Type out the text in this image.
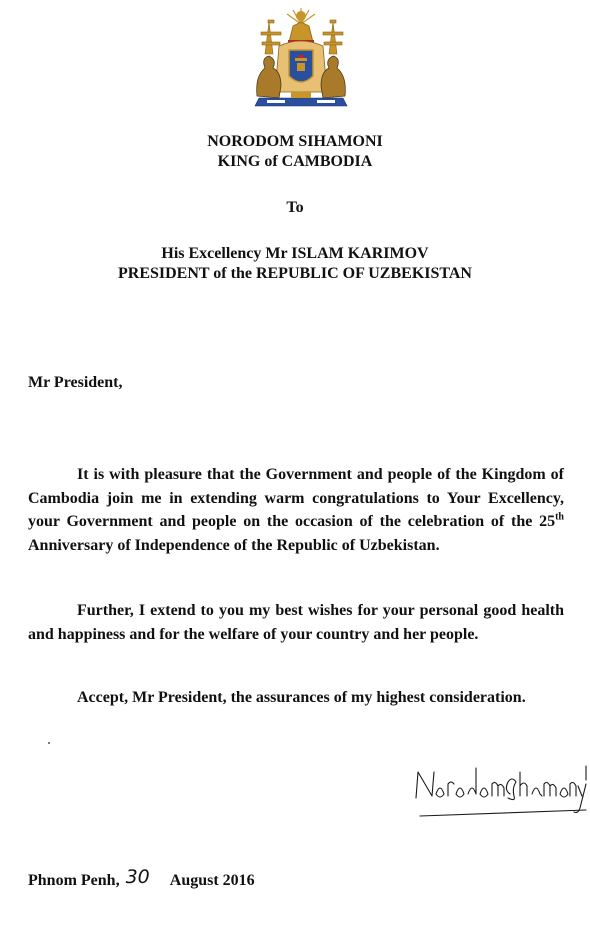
NORODOM SIHAMONI
KING of CAMBODIA
To
His Excellency Mr ISLAM KARIMOV
PRESIDENT of the REPUBLIC OF UZBEKISTAN
Mr President,

It is with pleasure that the Government and people of the Kingdom of Cambodia join me in extending warm congratulations to Your Excellency, your Government and people on the occasion of the celebration of the 25th Anniversary of Independence of the Republic of Uzbekistan.

Further, I extend to you my best wishes for your personal good health and happiness and for the welfare of your country and her people.

Accept, Mr President, the assurances of my highest consideration.

Phnom Penh, 30 August 2016
